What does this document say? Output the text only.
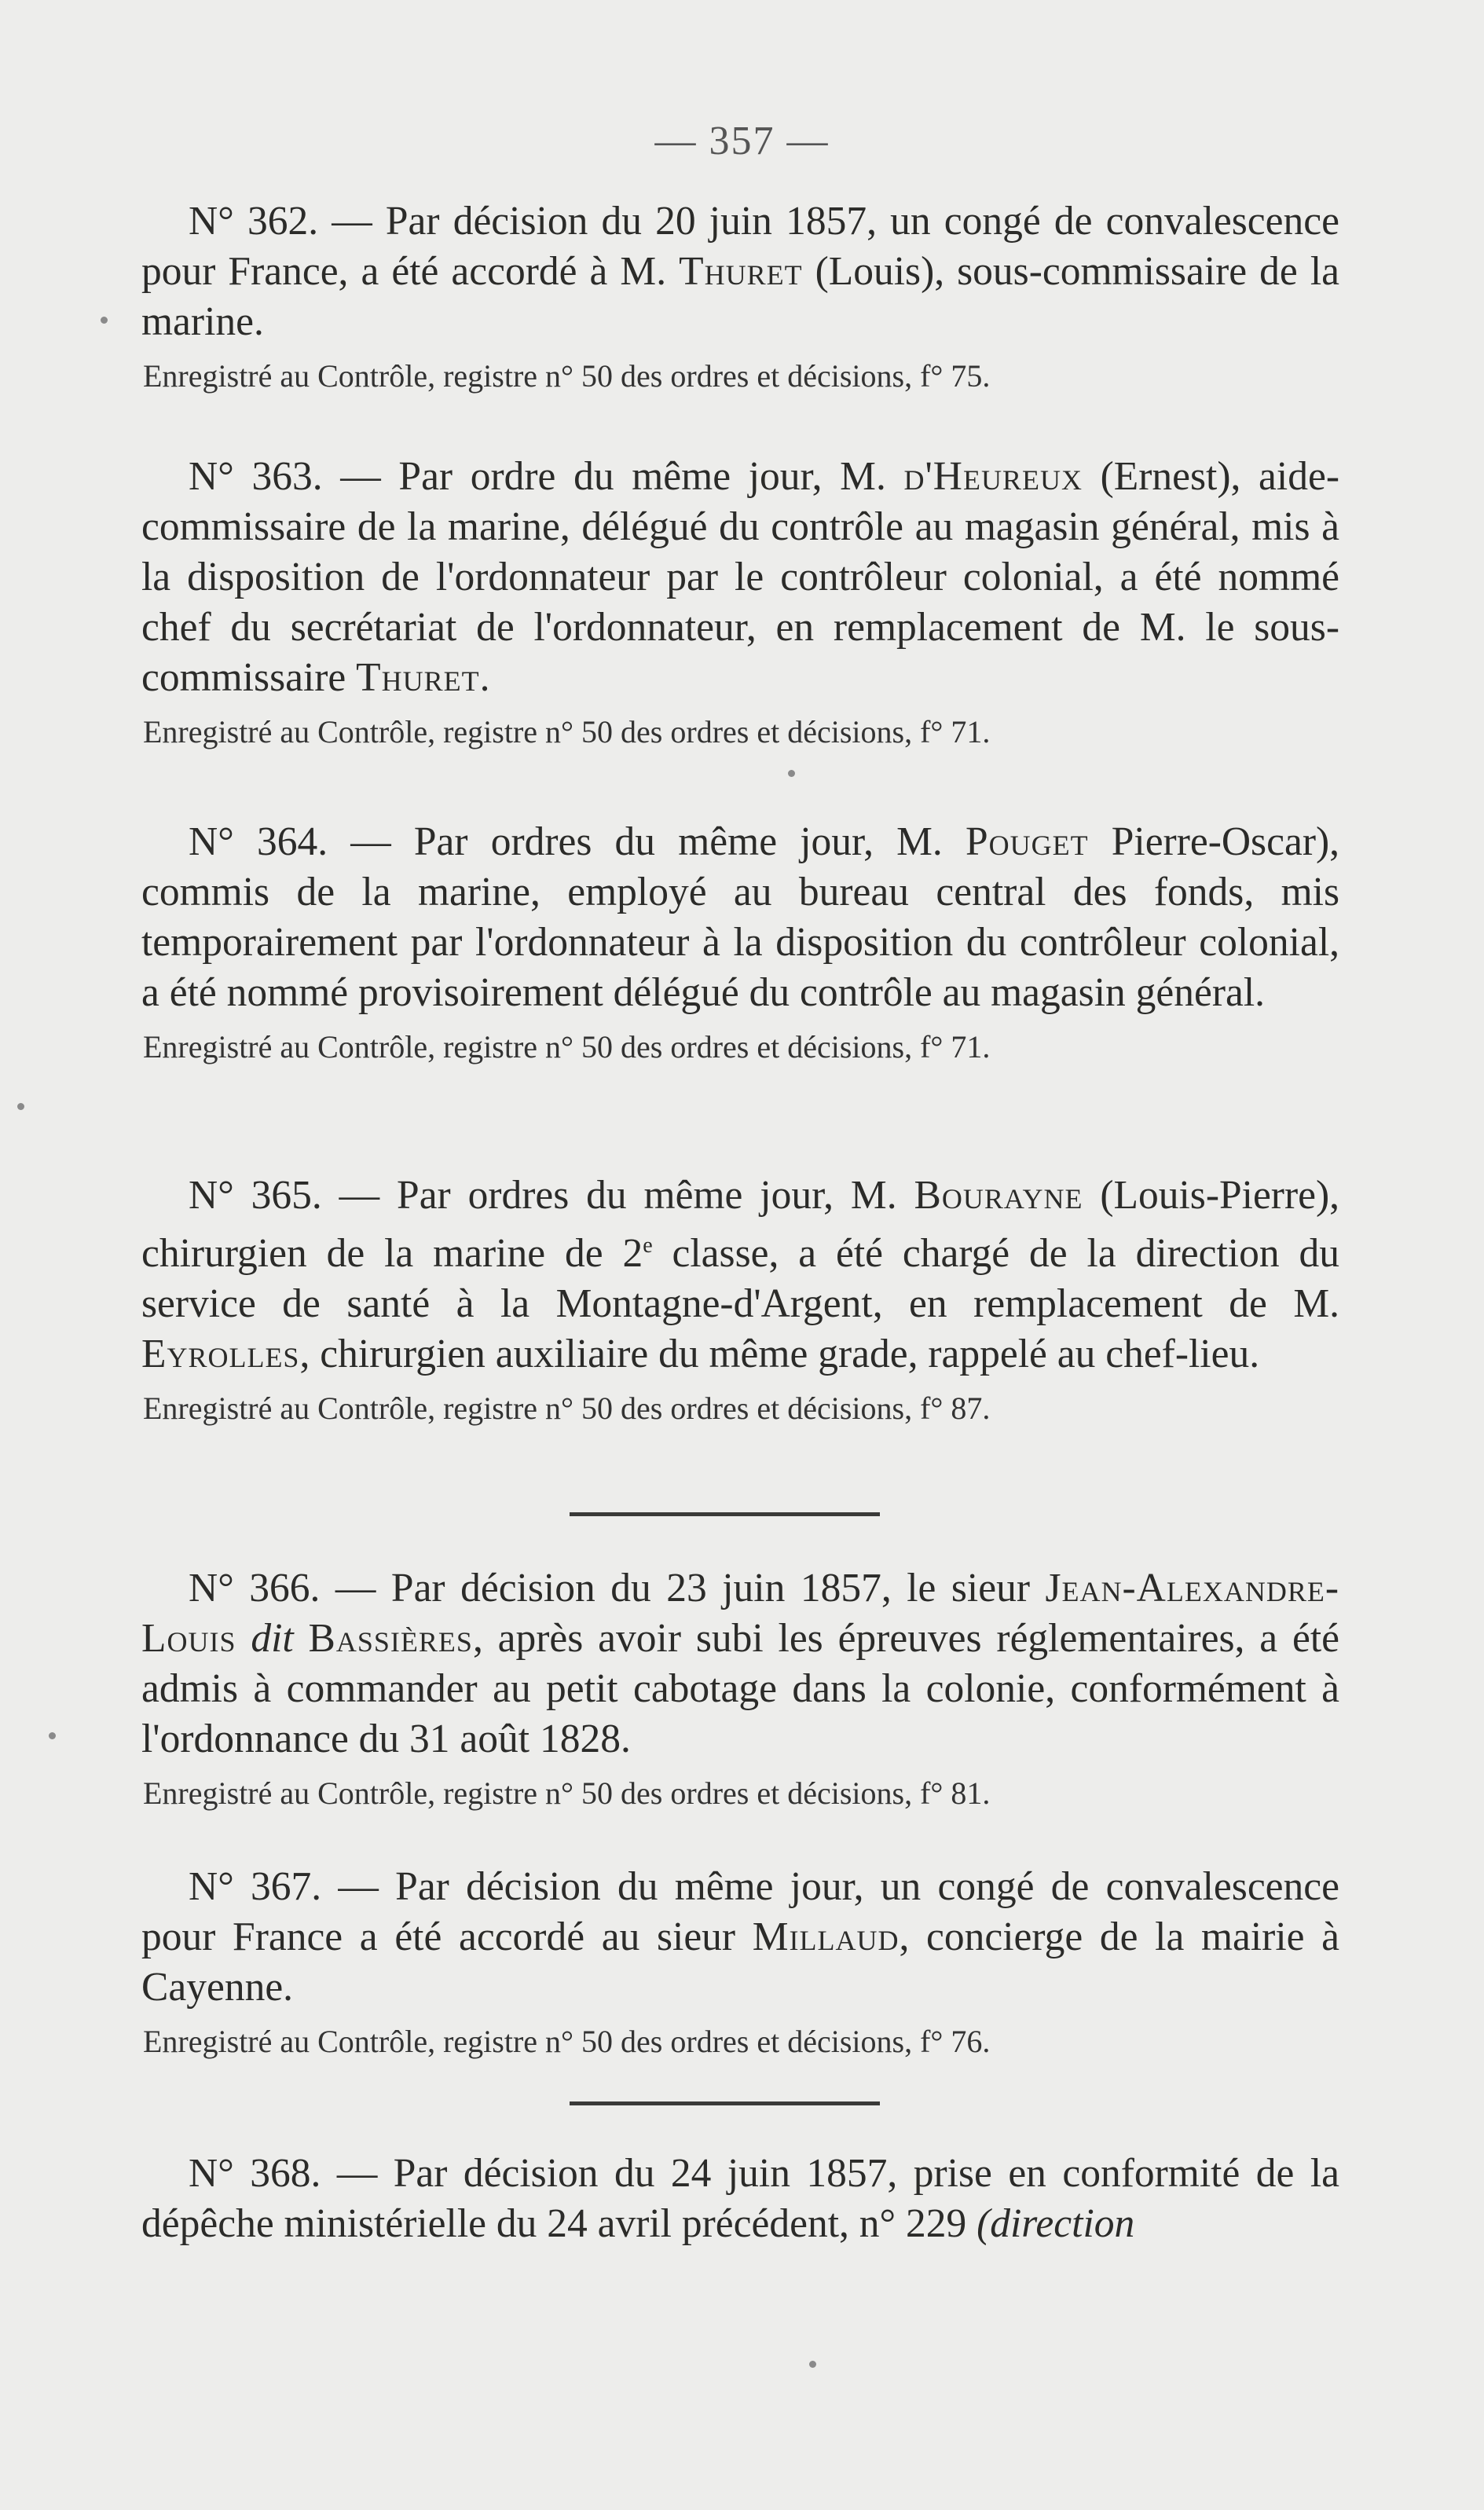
— 357 —

N° 362. — Par décision du 20 juin 1857, un congé de convalescence pour France, a été accordé à M. Thuret (Louis), sous-commissaire de la marine.

Enregistré au Contrôle, registre n° 50 des ordres et décisions, f° 75.

N° 363. — Par ordre du même jour, M. d'Heureux (Ernest), aide-commissaire de la marine, délégué du contrôle au magasin général, mis à la disposition de l'ordonnateur par le contrôleur colonial, a été nommé chef du secrétariat de l'ordonnateur, en remplacement de M. le sous-commissaire Thuret.

Enregistré au Contrôle, registre n° 50 des ordres et décisions, f° 71.

N° 364. — Par ordres du même jour, M. Pouget Pierre-Oscar), commis de la marine, employé au bureau central des fonds, mis temporairement par l'ordonnateur à la disposition du contrôleur colonial, a été nommé provisoirement délégué du contrôle au magasin général.

Enregistré au Contrôle, registre n° 50 des ordres et décisions, f° 71.

N° 365. — Par ordres du même jour, M. Bourayne (Louis-Pierre), chirurgien de la marine de 2e classe, a été chargé de la direction du service de santé à la Montagne-d'Argent, en remplacement de M. Eyrolles, chirurgien auxiliaire du même grade, rappelé au chef-lieu.

Enregistré au Contrôle, registre n° 50 des ordres et décisions, f° 87.

N° 366. — Par décision du 23 juin 1857, le sieur Jean-Alexandre-Louis dit Bassières, après avoir subi les épreuves réglementaires, a été admis à commander au petit cabotage dans la colonie, conformément à l'ordonnance du 31 août 1828.

Enregistré au Contrôle, registre n° 50 des ordres et décisions, f° 81.

N° 367. — Par décision du même jour, un congé de convalescence pour France a été accordé au sieur Millaud, concierge de la mairie à Cayenne.

Enregistré au Contrôle, registre n° 50 des ordres et décisions, f° 76.

N° 368. — Par décision du 24 juin 1857, prise en conformité de la dépêche ministérielle du 24 avril précédent, n° 229 (direction
